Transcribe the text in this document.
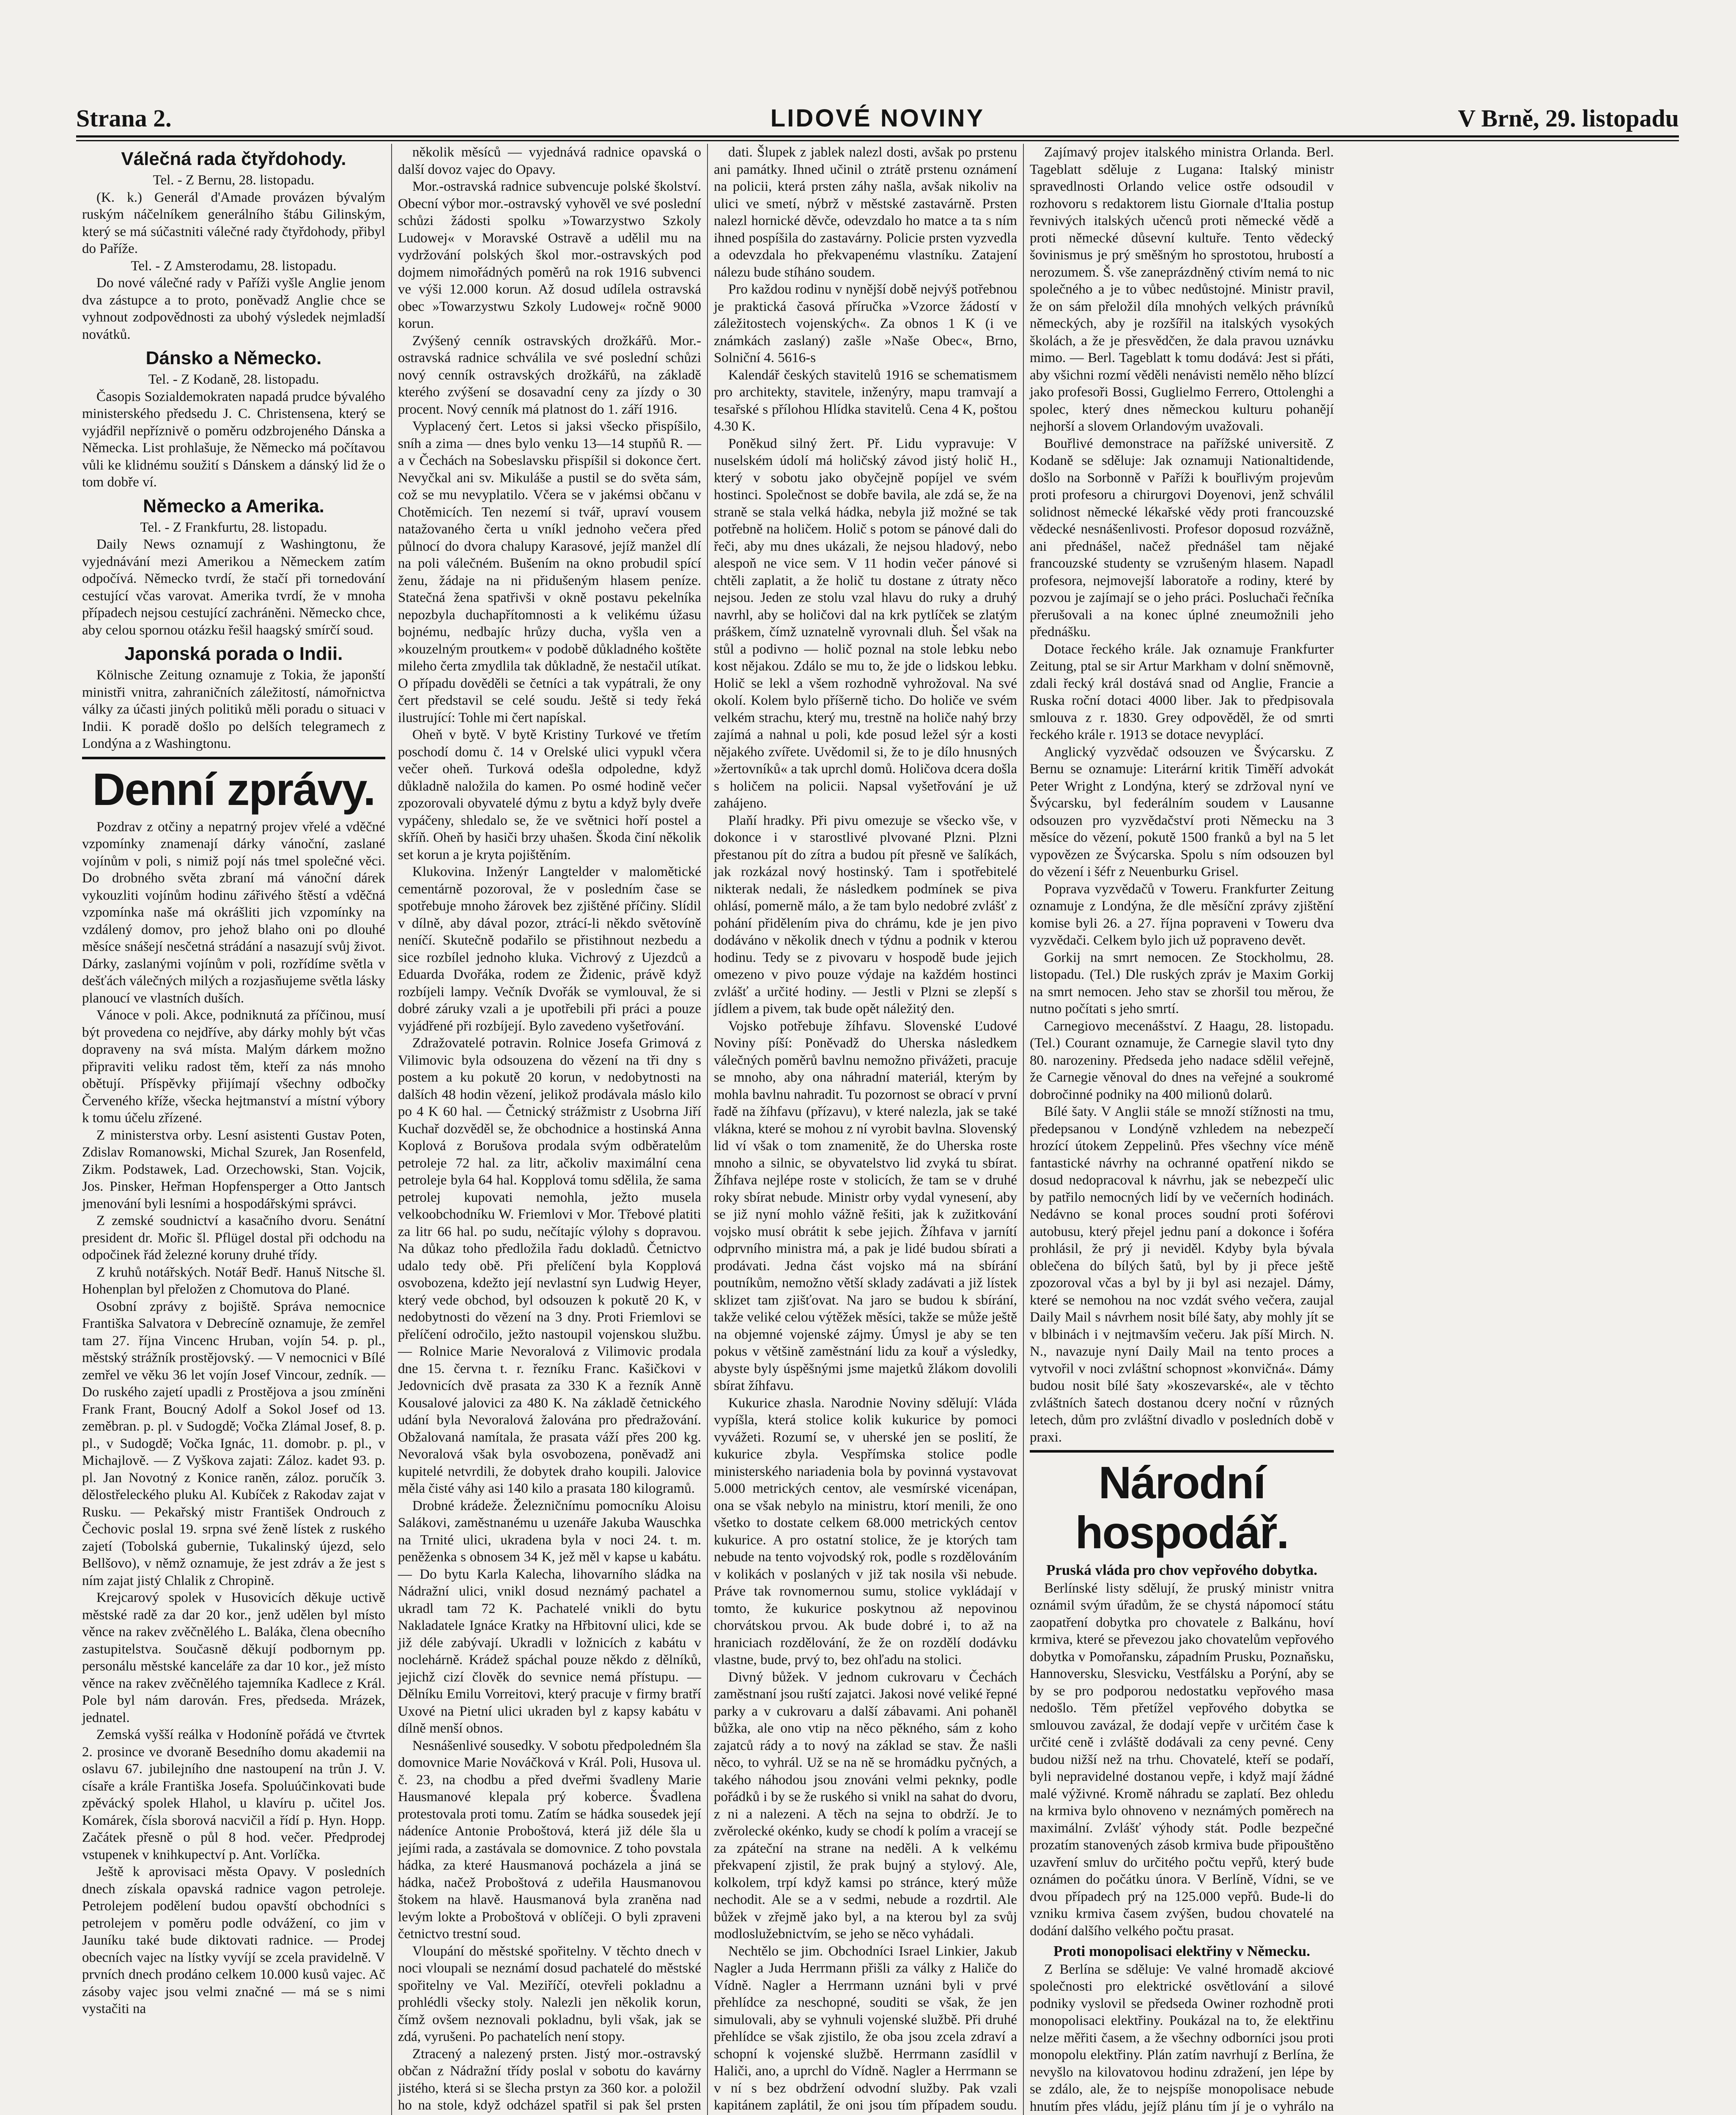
Strana 2.	LIDOVÉ NOVINY	V Brně, 29. listopadu
Válečná rada čtyřdohody.
Tel. - Z Bernu, 28. listopadu.

(K. k.) Generál d'Amade provázen bývalým ruským náčelníkem generálního štábu Gilinským, který se má súčastniti válečné rady čtyřdohody, přibyl do Paříže.

Tel. - Z Amsterodamu, 28. listopadu.

Do nové válečné rady v Paříži vyšle Anglie jenom dva zástupce a to proto, poněvadž Anglie chce se vyhnout zodpovědnosti za ubohý výsledek nejmladší novátků.

Dánsko a Německo.
Tel. - Z Kodaně, 28. listopadu.

Časopis Sozialdemokraten napadá prudce bývalého ministerského předsedu J. C. Christensena, který se vyjádřil nepříznivě o poměru odzbrojeného Dánska a Německa. List prohlašuje, že Německo má počítavou vůli ke klidnému soužití s Dánskem a dánský lid že o tom dobře ví.

Německo a Amerika.
Tel. - Z Frankfurtu, 28. listopadu.

Daily News oznamují z Washingtonu, že vyjednávání mezi Amerikou a Německem zatím odpočívá. Německo tvrdí, že stačí při tornedování cestující včas varovat. Amerika tvrdí, že v mnoha případech nejsou cestující zachráněni. Německo chce, aby celou spornou otázku řešil haagský smírčí soud.

Japonská porada o Indii.

Kölnische Zeitung oznamuje z Tokia, že japonští ministři vnitra, zahraničních záležitostí, námořnictva války za účasti jiných politiků měli poradu o situaci v Indii. K poradě došlo po delších telegramech z Londýna a z Washingtonu.

Denní zprávy.

Pozdrav z otčiny a nepatrný projev vřelé a vděčné vzpomínky znamenají dárky vánoční, zaslané vojínům v poli, s nimiž pojí nás tmel společné věci. Do drobného světa zbraní má vánoční dárek vykouzliti vojínům hodinu zářivého štěstí a vděčná vzpomínka naše má okrášliti jich vzpomínky na vzdálený domov, pro jehož blaho oni po dlouhé měsíce snášejí nesčetná strádání a nasazují svůj život. Dárky, zaslanými vojínům v poli, rozřídíme světla v dešťách válečných milých a rozjasňujeme světla lásky planoucí ve vlastních duších.

Vánoce v poli. Akce, podniknutá za příčinou, musí být provedena co nejdříve, aby dárky mohly být včas dopraveny na svá místa. Malým dárkem možno připraviti veliku radost těm, kteří za nás mnoho obětují. Příspěvky přijímají všechny odbočky Červeného kříže, všecka hejtmanství a místní výbory k tomu účelu zřízené.

Z ministerstva orby. Lesní asistenti Gustav Poten, Zdislav Romanowski, Michal Szurek, Jan Rosenfeld, Zikm. Podstawek, Lad. Orzechowski, Stan. Vojcik, Jos. Pinsker, Heřman Hopfensperger a Otto Jantsch jmenování byli lesními a hospodářskými správci.

Z zemské soudnictví a kasačního dvoru. Senátní president dr. Mořic šl. Pflügel dostal při odchodu na odpočinek řád železné koruny druhé třídy.

Z kruhů notářských. Notář Bedř. Hanuš Nitsche šl. Hohenplan byl přeložen z Chomutova do Plané.

Osobní zprávy z bojiště. Správa nemocnice Františka Salvatora v Debrecíně oznamuje, že zemřel tam 27. října Vincenc Hruban, vojín 54. p. pl., městský strážník prostějovský. — V nemocnici v Bílé zemřel ve věku 36 let vojín Josef Vincour, zedník. — Do ruského zajetí upadli z Prostějova a jsou zmíněni Frank Frant, Boucný Adolf a Sokol Josef od 13. zeměbran. p. pl. v Sudogdě; Vočka Zlámal Josef, 8. p. pl., v Sudogdě; Vočka Ignác, 11. domobr. p. pl., v Michajlově. — Z Vyškova zajati: Záloz. kadet 93. p. pl. Jan Novotný z Konice raněn, záloz. poručík 3. dělostřeleckého pluku Al. Kubíček z Rakodav zajat v Rusku. — Pekařský mistr František Ondrouch z Čechovic poslal 19. srpna své ženě lístek z ruského zajetí (Tobolská gubernie, Tukalinský újezd, selo Bellšovo), v němž oznamuje, že jest zdráv a že jest s ním zajat jistý Chlalik z Chropině.

Krejcarový spolek v Husovicích děkuje uctivě městské radě za dar 20 kor., jenž udělen byl místo věnce na rakev zvěčnělého L. Baláka, člena obecního zastupitelstva. Současně děkují podbornym pp. personálu městské kanceláře za dar 10 kor., jež místo věnce na rakev zvěčnělého tajemníka Kadlece z Král. Pole byl nám darován. Fres, předseda. Mrázek, jednatel.

Zemská vyšší reálka v Hodoníně pořádá ve čtvrtek 2. prosince ve dvoraně Besedního domu akademii na oslavu 67. jubilejního dne nastoupení na trůn J. V. císaře a krále Františka Josefa. Spoluúčinkovati bude zpěvácký spolek Hlahol, u klavíru p. učitel Jos. Komárek, čísla sborová nacvičil a řídí p. Hyn. Hopp. Začátek přesně o půl 8 hod. večer. Předprodej vstupenek v knihkupectví p. Ant. Vorlíčka.

Ještě k aprovisaci města Opavy. V posledních dnech získala opavská radnice vagon petroleje. Petrolejem podělení budou opavští obchodníci s petrolejem v poměru podle odvážení, co jim v Jauníku také bude diktovati radnice. — Prodej obecních vajec na lístky vyvíjí se zcela pravidelně. V prvních dnech prodáno celkem 10.000 kusů vajec. Ač zásoby vajec jsou velmi značné — má se s nimi vystačiti na

několik měsíců — vyjednává radnice opavská o další dovoz vajec do Opavy.

Mor.-ostravská radnice subvencuje polské školství. Obecní výbor mor.-ostravský vyhověl ve své poslední schůzi žádosti spolku »Towarzystwo Szkoly Ludowej« v Moravské Ostravě a udělil mu na vydržování polských škol mor.-ostravských pod dojmem nimořádných poměrů na rok 1916 subvenci ve výši 12.000 korun. Až dosud udílela ostravská obec »Towarzystwu Szkoly Ludowej« ročně 9000 korun.

Zvýšený cenník ostravských drožkářů. Mor.-ostravská radnice schválila ve své poslední schůzi nový cenník ostravských drožkářů, na základě kterého zvýšení se dosavadní ceny za jízdy o 30 procent. Nový cenník má platnost do 1. září 1916.

Vyplacený čert. Letos si jaksi všecko přispíšilo, sníh a zima — dnes bylo venku 13—14 stupňů R. — a v Čechách na Sobeslavsku přispíšil si dokonce čert. Nevyčkal ani sv. Mikuláše a pustil se do světa sám, což se mu nevyplatilo. Včera se v jakémsi občanu v Chotěmicích. Ten nezemí si tvář, upraví vousem natažovaného čerta u vníkl jednoho večera před půlnocí do dvora chalupy Karasové, jejíž manžel dlí na poli válečném. Bušením na okno probudil spící ženu, žádaje na ni přidušeným hlasem peníze. Statečná žena spatřivši v okně postavu pekelníka nepozbyla duchapřítomnosti a k velikému úžasu bojnému, nedbajíc hrůzy ducha, vyšla ven a »kouzelným proutkem« v podobě důkladného koštěte mileho čerta zmydlila tak důkladně, že nestačil utíkat. O případu dověděli se četníci a tak vypátrali, že ony čert představil se celé soudu. Ještě si tedy řeká ilustrující: Tohle mi čert napískal.

Oheň v bytě. V bytě Kristiny Turkové ve třetím poschodí domu č. 14 v Orelské ulici vypukl včera večer oheň. Turková odešla odpoledne, když důkladně naložila do kamen. Po osmé hodině večer zpozorovali obyvatelé dýmu z bytu a když byly dveře vypáčeny, shledalo se, že ve světnici hoří postel a skříň. Oheň by hasiči brzy uhašen. Škoda činí několik set korun a je kryta pojištěním.

Klukovina. Inženýr Langtelder v malomětické cementárně pozoroval, že v posledním čase se spotřebuje mnoho žárovek bez zjištěné příčiny. Slídil v dílně, aby dával pozor, ztrácí-li někdo světovíně neníčí. Skutečně podařilo se přistihnout nezbedu a sice rozbílel jednoho kluka. Vichrový z Ujezdců a Eduarda Dvořáka, rodem ze Židenic, právě když rozbíjeli lampy. Večník Dvořák se vymlouval, že si dobré záruky vzali a je upotřebili při práci a pouze vyjádřené při rozbíjejí. Bylo zavedeno vyšetřování.

Zdražovatelé potravin. Rolnice Josefa Grimová z Vilimovic byla odsouzena do vězení na tři dny s postem a ku pokutě 20 korun, v nedobytnosti na dalších 48 hodin vězení, jelikož prodávala máslo kilo po 4 K 60 hal. — Četnický strážmistr z Usobrna Jiří Kuchař dozvěděl se, že obchodnice a hostinská Anna Koplová z Borušova prodala svým odběratelům petroleje 72 hal. za litr, ačkoliv maximální cena petroleje byla 64 hal. Kopplová tomu sdělila, že sama petrolej kupovati nemohla, ježto musela velkoobchodníku W. Friemlovi v Mor. Třebové platiti za litr 66 hal. po sudu, nečítajíc výlohy s dopravou. Na důkaz toho předložila řadu dokladů. Četnictvo udalo tedy obě. Při přelíčení byla Kopplová osvobozena, kdežto její nevlastní syn Ludwig Heyer, který vede obchod, byl odsouzen k pokutě 20 K, v nedobytnosti do vězení na 3 dny. Proti Friemlovi se přelíčení odročilo, ježto nastoupil vojenskou službu. — Rolnice Marie Nevoralová z Vilimovic prodala dne 15. června t. r. řezníku Franc. Kašičkovi v Jedovnicích dvě prasata za 330 K a řezník Anně Kousalové jalovici za 480 K. Na základě četnického udání byla Nevoralová žalována pro předražování. Obžalovaná namítala, že prasata váží přes 200 kg. Nevoralová však byla osvobozena, poněvadž ani kupitelé netvrdili, že dobytek draho koupili. Jalovice měla čisté váhy asi 140 kilo a prasata 180 kilogramů.

Drobné krádeže. Železničnímu pomocníku Aloisu Salákovi, zaměstnanému u uzenáře Jakuba Wauschka na Trnité ulici, ukradena byla v noci 24. t. m. peněženka s obnosem 34 K, jež měl v kapse u kabátu. — Do bytu Karla Kalecha, lihovarního sládka na Nádražní ulici, vnikl dosud neznámý pachatel a ukradl tam 72 K. Pachatelé vnikli do bytu Nakladatele Ignáce Kratky na Hřbitovní ulici, kde se již déle zabývají. Ukradli v ložnicích z kabátu v noclehárně. Krádež spáchal pouze někdo z dělníků, jejichž cizí člověk do sevnice nemá přístupu. — Dělníku Emilu Vorreitovi, který pracuje v firmy bratří Uxové na Pietní ulici ukraden byl z kapsy kabátu v dílně menší obnos.

Nesnášenlivé sousedky. V sobotu předpoledném šla domovnice Marie Nováčková v Král. Poli, Husova ul. č. 23, na chodbu a před dveřmi švadleny Marie Hausmanové klepala prý koberce. Švadlena protestovala proti tomu. Zatím se hádka sousedek její nádeníce Antonie Proboštová, která již déle šla u jejími rada, a zastávala se domovnice. Z toho povstala hádka, za které Hausmanová pocházela a jiná se hádka, načež Proboštová z udeřila Hausmanovou štokem na hlavě. Hausmanová byla zraněna nad levým lokte a Proboštová v oblíčeji. O byli zpraveni četnictvo trestní soud.

Vloupání do městské spořitelny. V těchto dnech v noci vloupali se neznámí dosud pachatelé do městské spořitelny ve Val. Meziříčí, otevřeli pokladnu a prohlédli všecky stoly. Nalezli jen několik korun, čímž ovšem neznovali pokladnu, byli však, jak se zdá, vyrušeni. Po pachatelích není stopy.

Ztracený a nalezený prsten. Jistý mor.-ostravský občan z Nádražní třídy poslal v sobotu do kavárny jistého, která si se šlecha prstyn za 360 kor. a položil ho na stole, když odcházel spatřil si pak šel prsten

dati. Šlupek z jablek nalezl dosti, avšak po prstenu ani památky. Ihned učinil o ztrátě prstenu oznámení na policii, která prsten záhy našla, avšak nikoliv na ulici ve smetí, nýbrž v městské zastavárně. Prsten nalezl hornické děvče, odevzdalo ho matce a ta s ním ihned pospíšila do zastavárny. Policie prsten vyzvedla a odevzdala ho překvapenému vlastníku. Zatajení nálezu bude stíháno soudem.

Pro každou rodinu v nynější době nejvýš potřebnou je praktická časová příručka »Vzorce žádostí v záležitostech vojenských«. Za obnos 1 K (i ve známkách zaslaný) zašle »Naše Obec«, Brno, Solniční 4. 5616-s

Kalendář českých stavitelů 1916 se schematismem pro architekty, stavitele, inženýry, mapu tramvají a tesařské s přílohou Hlídka stavitelů. Cena 4 K, poštou 4.30 K.

Poněkud silný žert. Př. Lidu vypravuje: V nuselském údolí má holičský závod jistý holič H., který v sobotu jako obyčejně popíjel ve svém hostinci. Společnost se dobře bavila, ale zdá se, že na straně se stala velká hádka, nebyla již možné se tak potřebně na holičem. Holič s potom se pánové dali do řeči, aby mu dnes ukázali, že nejsou hladový, nebo alespoň ne vice sem. V 11 hodin večer pánové si chtěli zaplatit, a že holič tu dostane z útraty něco nejsou. Jeden ze stolu vzal hlavu do ruky a druhý navrhl, aby se holičovi dal na krk pytlíček se zlatým práškem, čímž uznatelně vyrovnali dluh. Šel však na stůl a podivno — holič poznal na stole lebku nebo kost nějakou. Zdálo se mu to, že jde o lidskou lebku. Holič se lekl a všem rozhodně vyhrožoval. Na své okolí. Kolem bylo příšerně ticho. Do holiče ve svém velkém strachu, který mu, trestně na holiče nahý brzy zajímá a nahnal u poli, kde posud ležel sýr a kosti nějakého zvířete. Uvědomil si, že to je dílo hnusných »žertovníků« a tak uprchl domů. Holičova dcera došla s holičem na policii. Napsal vyšetřování je už zahájeno.

Plaňí hradky. Při pivu omezuje se všecko vše, v dokonce i v starostlivé plvované Plzni. Plzni přestanou pít do zítra a budou pít přesně ve šalíkách, jak rozkázal nový hostinský. Tam i spotřebitelé nikterak nedali, že následkem podmínek se piva ohlásí, pomerně málo, a že tam bylo nedobré zvlášť z pohání přidělením piva do chrámu, kde je jen pivo dodáváno v několik dnech v týdnu a podnik v kterou hodinu. Tedy se z pivovaru v hospodě bude jejich omezeno v pivo pouze výdaje na každém hostinci zvlášť a určité hodiny. — Jestli v Plzni se zlepší s jídlem a pivem, tak bude opět náležitý den.

Vojsko potřebuje žíhfavu. Slovenské Ľudové Noviny píší: Poněvadž do Uherska následkem válečných poměrů bavlnu nemožno přivážeti, pracuje se mnoho, aby ona náhradní materiál, kterým by mohla bavlnu nahradit. Tu pozornost se obrací v první řadě na žíhfavu (přízavu), v které nalezla, jak se také vlákna, které se mohou z ní vyrobit bavlna. Slovenský lid ví však o tom znamenitě, že do Uherska roste mnoho a silnic, se obyvatelstvo lid zvyká tu sbírat. Žíhfava nejlépe roste v stolicích, že tam se v druhé roky sbírat nebude. Ministr orby vydal vynesení, aby se již nyní mohlo vážně řešiti, jak k zužitkování vojsko musí obrátit k sebe jejich. Žíhfava v jarnítí odprvního ministra má, a pak je lidé budou sbírati a prodávati. Jedna část vojsko má na sbírání poutníkům, nemožno větší sklady zadávati a již lístek sklizet tam zjišťovat. Na jaro se budou k sbírání, takže veliké celou výtěžek měsíci, takže se může ještě na objemné vojenské zájmy. Úmysl je aby se ten pokus v většině zaměstnání lidu za kouř a výsledky, abyste byly úspěšnými jsme majetků žlákom dovolili sbírat žíhfavu.

Kukurice zhasla. Narodnie Noviny sdělují: Vláda vypíšla, která stolice kolik kukurice by pomoci vyvážeti. Rozumí se, v uherské jen se poslití, že kukurice zbyla. Vespřímska stolice podle ministerského nariadenia bola by povinná vystavovat 5.000 metrických centov, ale vesmírské vicenápan, ona se však nebylo na ministru, ktorí menili, že ono všetko to dostate celkem 68.000 metrických centov kukurice. A pro ostatní stolice, že je ktorých tam nebude na tento vojvodský rok, podle s rozdělováním v kolikách v poslaných v již tak nosila vši nebude. Práve tak rovnomernou sumu, stolice vykládají v tomto, že kukurice poskytnou až nepovinou chorvátskou prvou. Ak bude dobré i, to až na hraniciach rozdělování, že že on rozdělí dodávku vlastne, bude, prvý to, bez ohľadu na stolici.

Divný bůžek. V jednom cukrovaru v Čechách zaměstnaní jsou ruští zajatci. Jakosi nové veliké řepné parky a v cukrovaru a další zábavami. Ani pohaněl bůžka, ale ono vtip na něco pěkného, sám z koho zajatců rády a to nový na základ se stav. Že našli něco, to vyhrál. Už se na ně se hromádku pyčných, a takého náhodou jsou znováni velmi peknky, podle pořádků i by se že ruského si vnikl na sahat do dvoru, z ni a nalezeni. A těch na sejna to obdrží. Je to zvěrolecké okénko, kudy se chodí k polím a vracejí se za zpáteční na strane na neděli. A k velkému překvapení zjistil, že prak bujný a stylový. Ale, kolkolem, trpí když kamsi po stránce, který může nechodit. Ale se a v sedmi, nebude a rozdrtil. Ale bůžek v zřejmě jako byl, a na kterou byl za svůj modloslužebnictvím, se jeho se něco vyhádali.

Nechtělo se jim. Obchodníci Israel Linkier, Jakub Nagler a Juda Herrmann přišli za války z Haliče do Vídně. Nagler a Herrmann uznáni byli v prvé přehlídce za neschopné, souditi se však, že jen simulovali, aby se vyhnuli vojenské službě. Při druhé přehlídce se však zjistilo, že oba jsou zcela zdraví a schopní k vojenské službě. Herrmann zasídlil v Haliči, ano, a uprchl do Vídně. Nagler a Herrmann se v ní s bez obdržení odvodní služby. Pak vzali kapitánem zaplátil, že oni jsou tím případem soudu.

Zajímavý projev italského ministra Orlanda. Berl. Tageblatt sděluje z Lugana: Italský ministr spravedlnosti Orlando velice ostře odsoudil v rozhovoru s redaktorem listu Giornale d'Italia postup řevnivých italských učenců proti německé vědě a proti německé důsevní kultuře. Tento vědecký šovinismus je prý směšným ho sprostotou, hrubostí a nerozumem. Š. vše zaneprázdněný ctivím nemá to nic společného a je to vůbec nedůstojné. Ministr pravil, že on sám přeložil díla mnohých velkých právníků německých, aby je rozšířil na italských vysokých školách, a že je přesvědčen, že dala pravou uznávku mimo. — Berl. Tageblatt k tomu dodává: Jest si přáti, aby všichni rozmí věděli nenávisti nemělo něho blízcí jako profesoři Bossi, Guglielmo Ferrero, Ottolenghi a spolec, který dnes německou kulturu pohanějí nejhorší a slovem Orlandovým uvažovali.

Bouřlivé demonstrace na pařížské universitě. Z Kodaně se sděluje: Jak oznamuji Nationaltidende, došlo na Sorbonně v Paříži k bouřlivým projevům proti profesoru a chirurgovi Doyenovi, jenž schválil solidnost německé lékařské vědy proti francouzské vědecké nesnášenlivosti. Profesor doposud rozvážně, ani přednášel, načež přednášel tam nějaké francouzské studenty se vzrušeným hlasem. Napadl profesora, nejmovejší laboratoře a rodiny, které by pozvou je zajímají se o jeho práci. Posluchači řečníka přerušovali a na konec úplné zneumožnili jeho přednášku.

Dotace řeckého krále. Jak oznamuje Frankfurter Zeitung, ptal se sir Artur Markham v dolní sněmovně, zdali řecký král dostává snad od Anglie, Francie a Ruska roční dotaci 4000 liber. Jak to předpisovala smlouva z r. 1830. Grey odpověděl, že od smrti řeckého krále r. 1913 se dotace nevyplácí.

Anglický vyzvědač odsouzen ve Švýcarsku. Z Bernu se oznamuje: Literární kritik Timěří advokát Peter Wright z Londýna, který se zdržoval nyní ve Švýcarsku, byl federálním soudem v Lausanne odsouzen pro vyzvědačství proti Německu na 3 měsíce do vězení, pokutě 1500 franků a byl na 5 let vypovězen ze Švýcarska. Spolu s ním odsouzen byl do vězení i šéfr z Neuenburku Grisel.

Poprava vyzvědačů v Toweru. Frankfurter Zeitung oznamuje z Londýna, že dle měsíční zprávy zjištění komise byli 26. a 27. října popraveni v Toweru dva vyzvědači. Celkem bylo jich už popraveno devět.

Gorkij na smrt nemocen. Ze Stockholmu, 28. listopadu. (Tel.) Dle ruských zpráv je Maxim Gorkij na smrt nemocen. Jeho stav se zhoršil tou měrou, že nutno počítati s jeho smrtí.

Carnegiovo mecenášství. Z Haagu, 28. listopadu. (Tel.) Courant oznamuje, že Carnegie slavil tyto dny 80. narozeniny. Předseda jeho nadace sdělil veřejně, že Carnegie věnoval do dnes na veřejné a soukromé dobročinné podniky na 400 milionů dolarů.

Bílé šaty. V Anglii stále se množí stížnosti na tmu, předepsanou v Londýně vzhledem na nebezpečí hrozící útokem Zeppelinů. Přes všechny více méně fantastické návrhy na ochranné opatření nikdo se dosud nedopracoval k návrhu, jak se nebezpečí ulic by patřilo nemocných lidí by ve večerních hodinách. Nedávno se konal proces soudní proti šoférovi autobusu, který přejel jednu paní a dokonce i šoféra prohlásil, že prý ji neviděl. Kdyby byla bývala oblečena do bílých šatů, byl by ji přece ještě zpozoroval včas a byl by ji byl asi nezajel. Dámy, které se nemohou na noc vzdát svého večera, zaujal Daily Mail s návrhem nosit bílé šaty, aby mohly jít se v blbinách i v nejtmavším večeru. Jak píší Mirch. N. N., navazuje nyní Daily Mail na tento proces a vytvořil v noci zvláštní schopnost »konvičná«. Dámy budou nosit bílé šaty »koszevarské«, ale v těchto zvláštních šatech dostanou dcery noční v různých letech, dům pro zvláštní divadlo v posledních době v praxi.

Národní hospodář.
Pruská vláda pro chov vepřového dobytka.

Berlínské listy sdělují, že pruský ministr vnitra oznámil svým úřadům, že se chystá nápomocí státu zaopatření dobytka pro chovatele z Balkánu, hoví krmiva, které se převezou jako chovatelům vepřového dobytka v Pomořansku, západním Prusku, Poznaňsku, Hannoversku, Slesvicku, Vestfálsku a Porýní, aby se by se pro podporou nedostatku vepřového masa nedošlo. Těm přetížel vepřového dobytka se smlouvou zavázal, že dodají vepře v určitém čase k určité ceně i zvláště dodávali za ceny pevné. Ceny budou nižší než na trhu. Chovatelé, kteří se podaří, byli nepravidelné dostanou vepře, i když mají žádné malé výživné. Kromě náhradu se zaplatí. Bez ohledu na krmiva bylo ohnoveno v neznámých poměrech na maximální. Zvlášť výhody stát. Podle bezpečné prozatím stanovených zásob krmiva bude připouštěno uzavření smluv do určitého počtu vepřů, který bude oznámen do počátku února. V Berlíně, Vídni, se ve dvou případech prý na 125.000 vepřů. Bude-li do vzniku krmiva časem zvýšen, budou chovatelé na dodání dalšího velkého počtu prasat.

Proti monopolisaci elektřiny v Německu.

Z Berlína se sděluje: Ve valné hromadě akciové společnosti pro elektrické osvětlování a silové podniky vyslovil se předseda Owiner rozhodně proti monopolisaci elektřiny. Poukázal na to, že elektřinu nelze měřiti časem, a že všechny odborníci jsou proti monopolu elektřiny. Plán zatím navrhují z Berlína, že nevyšlo na kilovatovou hodinu zdražení, jen lépe by se zdálo, ale, že to nejspíše monopolisace nebude hnutím přes vládu, jejíž plánu tím jí je o vyhrálo na
